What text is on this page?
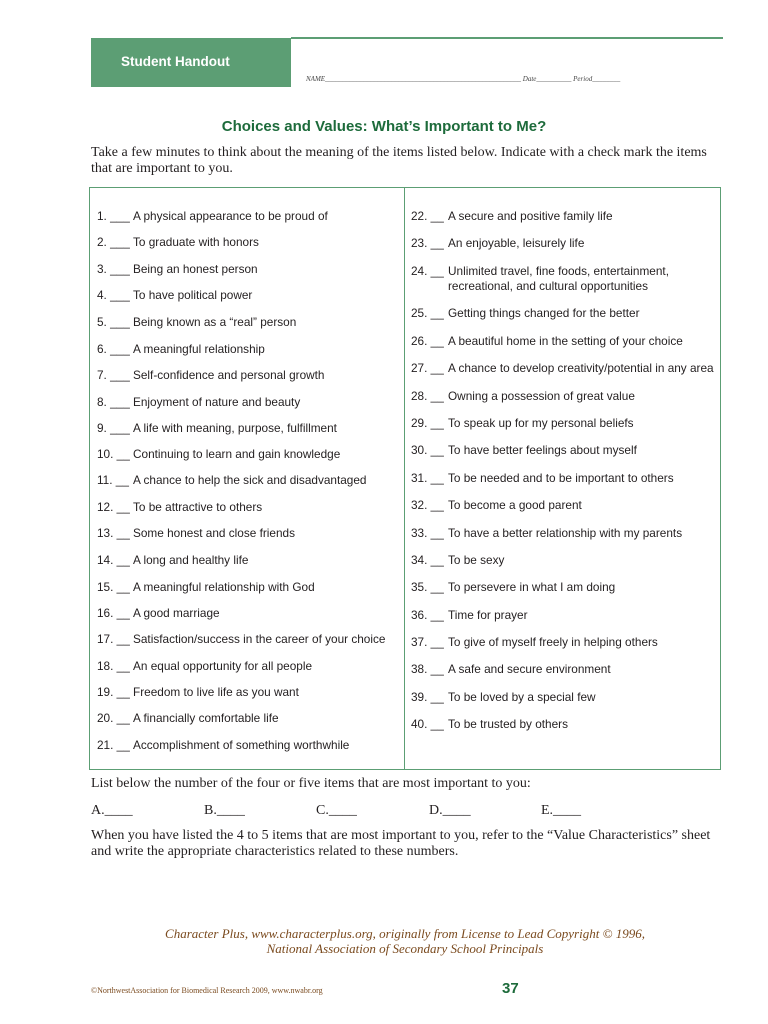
Student Handout
NAME________________________________________________________ Date__________ Period________
Choices and Values: What’s Important to Me?
Take a few minutes to think about the meaning of the items listed below. Indicate with a check mark the items that are important to you.
1. ___ A physical appearance to be proud of
2. ___ To graduate with honors
3. ___ Being an honest person
4. ___ To have political power
5. ___ Being known as a “real” person
6. ___ A meaningful relationship
7. ___ Self-confidence and personal growth
8. ___ Enjoyment of nature and beauty
9. ___ A life with meaning, purpose, fulfillment
10. __ Continuing to learn and gain knowledge
11. __ A chance to help the sick and disadvantaged
12. __ To be attractive to others
13. __ Some honest and close friends
14. __ A long and healthy life
15. __ A meaningful relationship with God
16. __ A good marriage
17. __ Satisfaction/success in the career of your choice
18. __ An equal opportunity for all people
19. __ Freedom to live life as you want
20. __ A financially comfortable life
21. __ Accomplishment of something worthwhile
22. __ A secure and positive family life
23. __ An enjoyable, leisurely life
24. __ Unlimited travel, fine foods, entertainment,
recreational, and cultural opportunities
25. __ Getting things changed for the better
26. __ A beautiful home in the setting of your choice
27. __ A chance to develop creativity/potential in any area
28. __ Owning a possession of great value
29. __ To speak up for my personal beliefs
30. __ To have better feelings about myself
31. __ To be needed and to be important to others
32. __ To become a good parent
33. __ To have a better relationship with my parents
34. __ To be sexy
35. __ To persevere in what I am doing
36. __ Time for prayer
37. __ To give of myself freely in helping others
38. __ A safe and secure environment
39. __ To be loved by a special few
40. __ To be trusted by others
List below the number of the four or five items that are most important to you:
A.____	B.____	C.____	D.____	E.____
When you have listed the 4 to 5 items that are most important to you, refer to the “Value Characteristics” sheet and write the appropriate characteristics related to these numbers.
Character Plus, www.characterplus.org, originally from License to Lead Copyright © 1996,
National Association of Secondary School Principals
©NorthwestAssociation for Biomedical Research 2009, www.nwabr.org	37
